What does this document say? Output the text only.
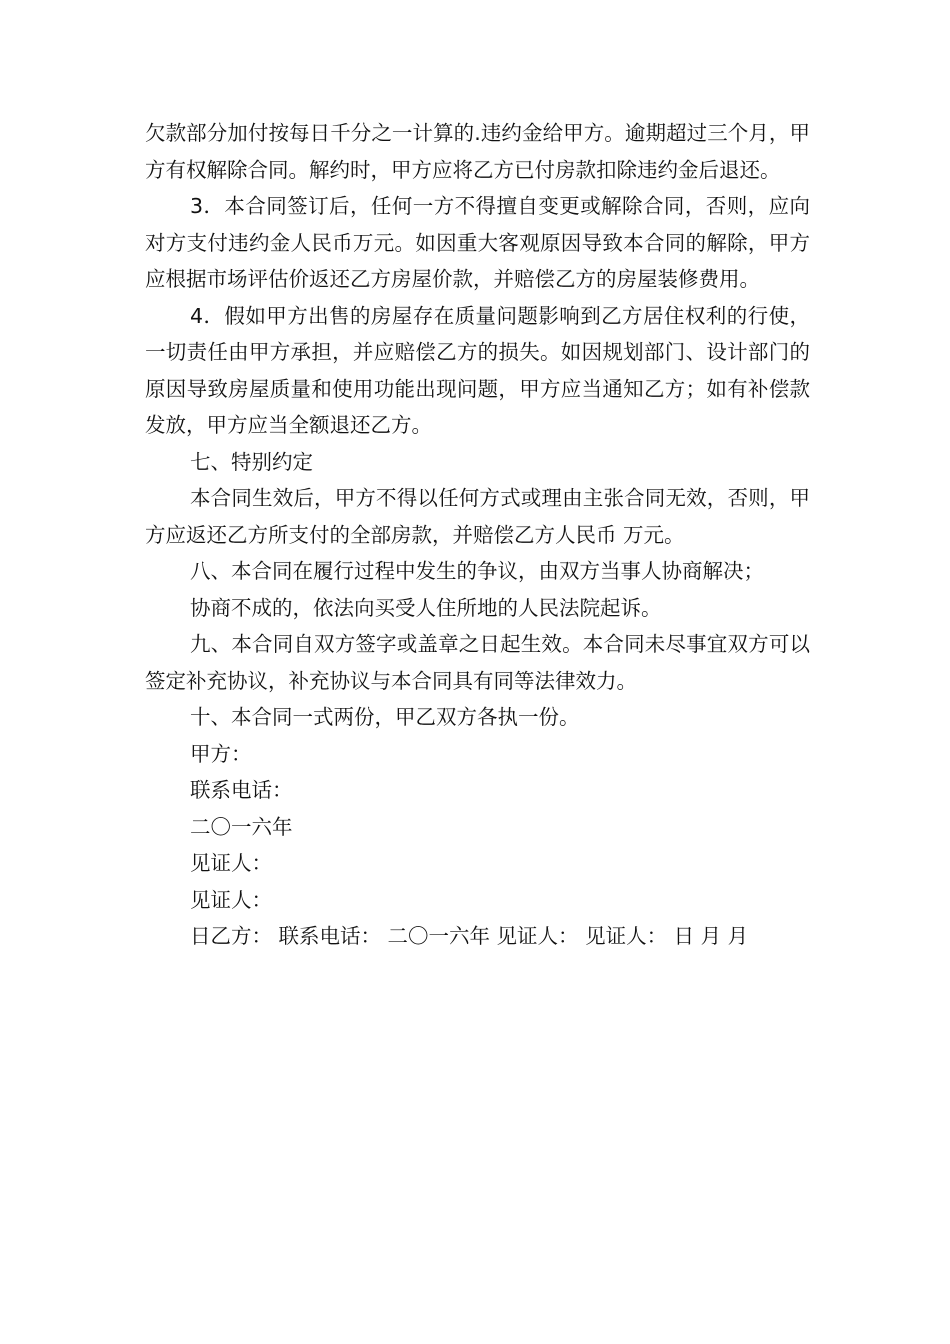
欠款部分加付按每日千分之一计算的.违约金给甲方。逾期超过三个月，甲方有权解除合同。解约时，甲方应将乙方已付房款扣除违约金后退还。

3．本合同签订后，任何一方不得擅自变更或解除合同，否则，应向对方支付违约金人民币万元。如因重大客观原因导致本合同的解除，甲方应根据市场评估价返还乙方房屋价款，并赔偿乙方的房屋装修费用。

4．假如甲方出售的房屋存在质量问题影响到乙方居住权利的行使，一切责任由甲方承担，并应赔偿乙方的损失。如因规划部门、设计部门的原因导致房屋质量和使用功能出现问题，甲方应当通知乙方；如有补偿款发放，甲方应当全额退还乙方。

七、特别约定

本合同生效后，甲方不得以任何方式或理由主张合同无效，否则，甲方应返还乙方所支付的全部房款，并赔偿乙方人民币 万元。

八、本合同在履行过程中发生的争议，由双方当事人协商解决；

协商不成的，依法向买受人住所地的人民法院起诉。

九、本合同自双方签字或盖章之日起生效。本合同未尽事宜双方可以签定补充协议，补充协议与本合同具有同等法律效力。

十、本合同一式两份，甲乙双方各执一份。

甲方：

联系电话：

二〇一六年

见证人：

见证人：

日乙方： 联系电话： 二〇一六年 见证人： 见证人： 日 月 月
